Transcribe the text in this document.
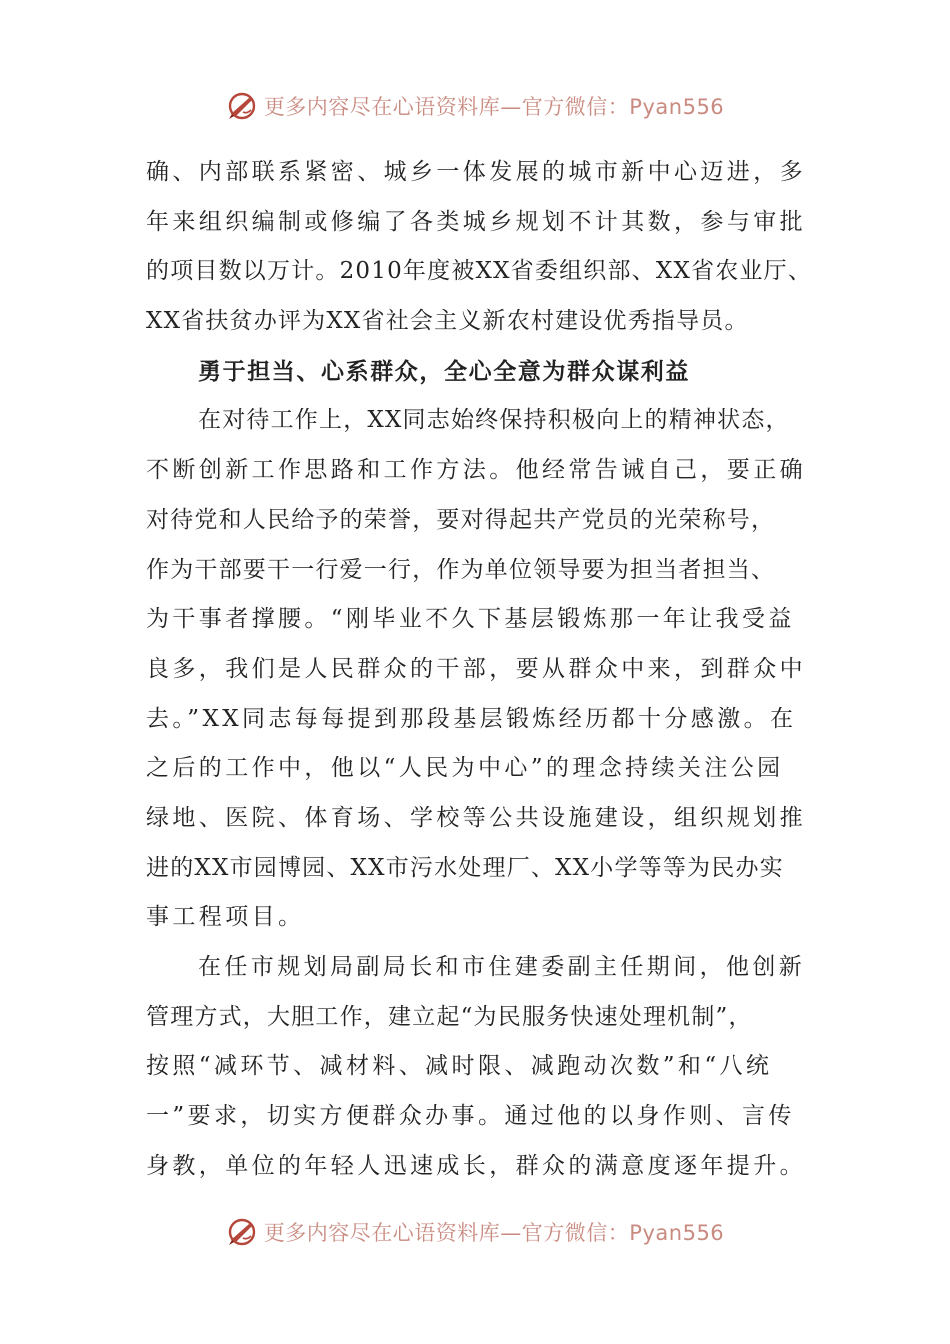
更多内容尽在心语资料库—官方微信：Pyan556
确、内部联系紧密、城乡一体发展的城市新中心迈进，多
年来组织编制或修编了各类城乡规划不计其数，参与审批
的项目数以万计。2010年度被XX省委组织部、XX省农业厅、
XX省扶贫办评为XX省社会主义新农村建设优秀指导员。
勇于担当、心系群众，全心全意为群众谋利益
在对待工作上，XX同志始终保持积极向上的精神状态，
不断创新工作思路和工作方法。他经常告诫自己，要正确
对待党和人民给予的荣誉，要对得起共产党员的光荣称号，
作为干部要干一行爱一行，作为单位领导要为担当者担当、
为干事者撑腰。“刚毕业不久下基层锻炼那一年让我受益
良多，我们是人民群众的干部，要从群众中来，到群众中
去。”XX同志每每提到那段基层锻炼经历都十分感激。在
之后的工作中，他以“人民为中心”的理念持续关注公园
绿地、医院、体育场、学校等公共设施建设，组织规划推
进的XX市园博园、XX市污水处理厂、XX小学等等为民办实
事工程项目。
在任市规划局副局长和市住建委副主任期间，他创新
管理方式，大胆工作，建立起“为民服务快速处理机制”，
按照“减环节、减材料、减时限、减跑动次数”和“八统
一”要求，切实方便群众办事。通过他的以身作则、言传
身教，单位的年轻人迅速成长，群众的满意度逐年提升。
更多内容尽在心语资料库—官方微信：Pyan556
